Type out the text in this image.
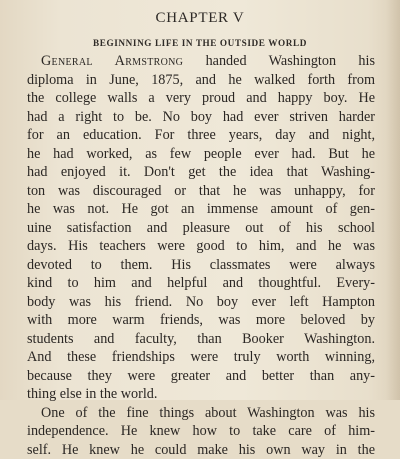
CHAPTER V
BEGINNING LIFE IN THE OUTSIDE WORLD
General Armstrong handed Washington his
diploma in June, 1875, and he walked forth from
the college walls a very proud and happy boy. He
had a right to be. No boy had ever striven harder
for an education. For three years, day and night,
he had worked, as few people ever had. But he
had enjoyed it. Don't get the idea that Washing-
ton was discouraged or that he was unhappy, for
he was not. He got an immense amount of gen-
uine satisfaction and pleasure out of his school
days. His teachers were good to him, and he was
devoted to them. His classmates were always
kind to him and helpful and thoughtful. Every-
body was his friend. No boy ever left Hampton
with more warm friends, was more beloved by
students and faculty, than Booker Washington.
And these friendships were truly worth winning,
because they were greater and better than any-
thing else in the world.
One of the fine things about Washington was his
independence. He knew how to take care of him-
self. He knew he could make his own way in the
